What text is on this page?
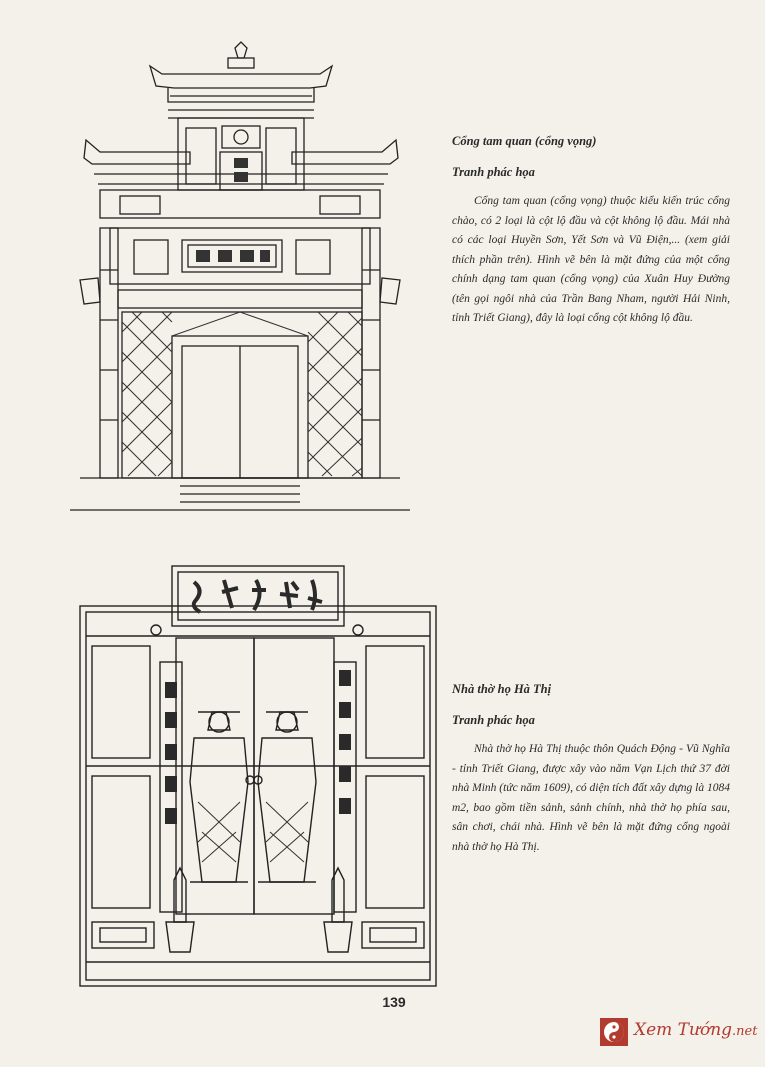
Cổng tam quan (cổng vọng)

Tranh phác họa

Cổng tam quan (cổng vọng) thuộc kiểu kiến trúc cổng chào, có 2 loại là cột lộ đầu và cột không lộ đầu. Mái nhà có các loại Huyền Sơn, Yết Sơn và Vũ Điện,... (xem giải thích phần trên). Hình vẽ bên là mặt đứng của một cổng chính dạng tam quan (cổng vọng) của Xuân Huy Đường (tên gọi ngôi nhà của Trần Bang Nham, người Hải Ninh, tỉnh Triết Giang), đây là loại cổng cột không lộ đầu.

Nhà thờ họ Hà Thị

Tranh phác họa

Nhà thờ họ Hà Thị thuộc thôn Quách Động - Vũ Nghĩa - tỉnh Triết Giang, được xây vào năm Vạn Lịch thứ 37 đời nhà Minh (tức năm 1609), có diện tích đất xây dựng là 1084 m2, bao gồm tiền sảnh, sảnh chính, nhà thờ họ phía sau, sân chơi, chái nhà. Hình vẽ bên là mặt đứng cổng ngoài nhà thờ họ Hà Thị.

139
Xem Tướng.net
